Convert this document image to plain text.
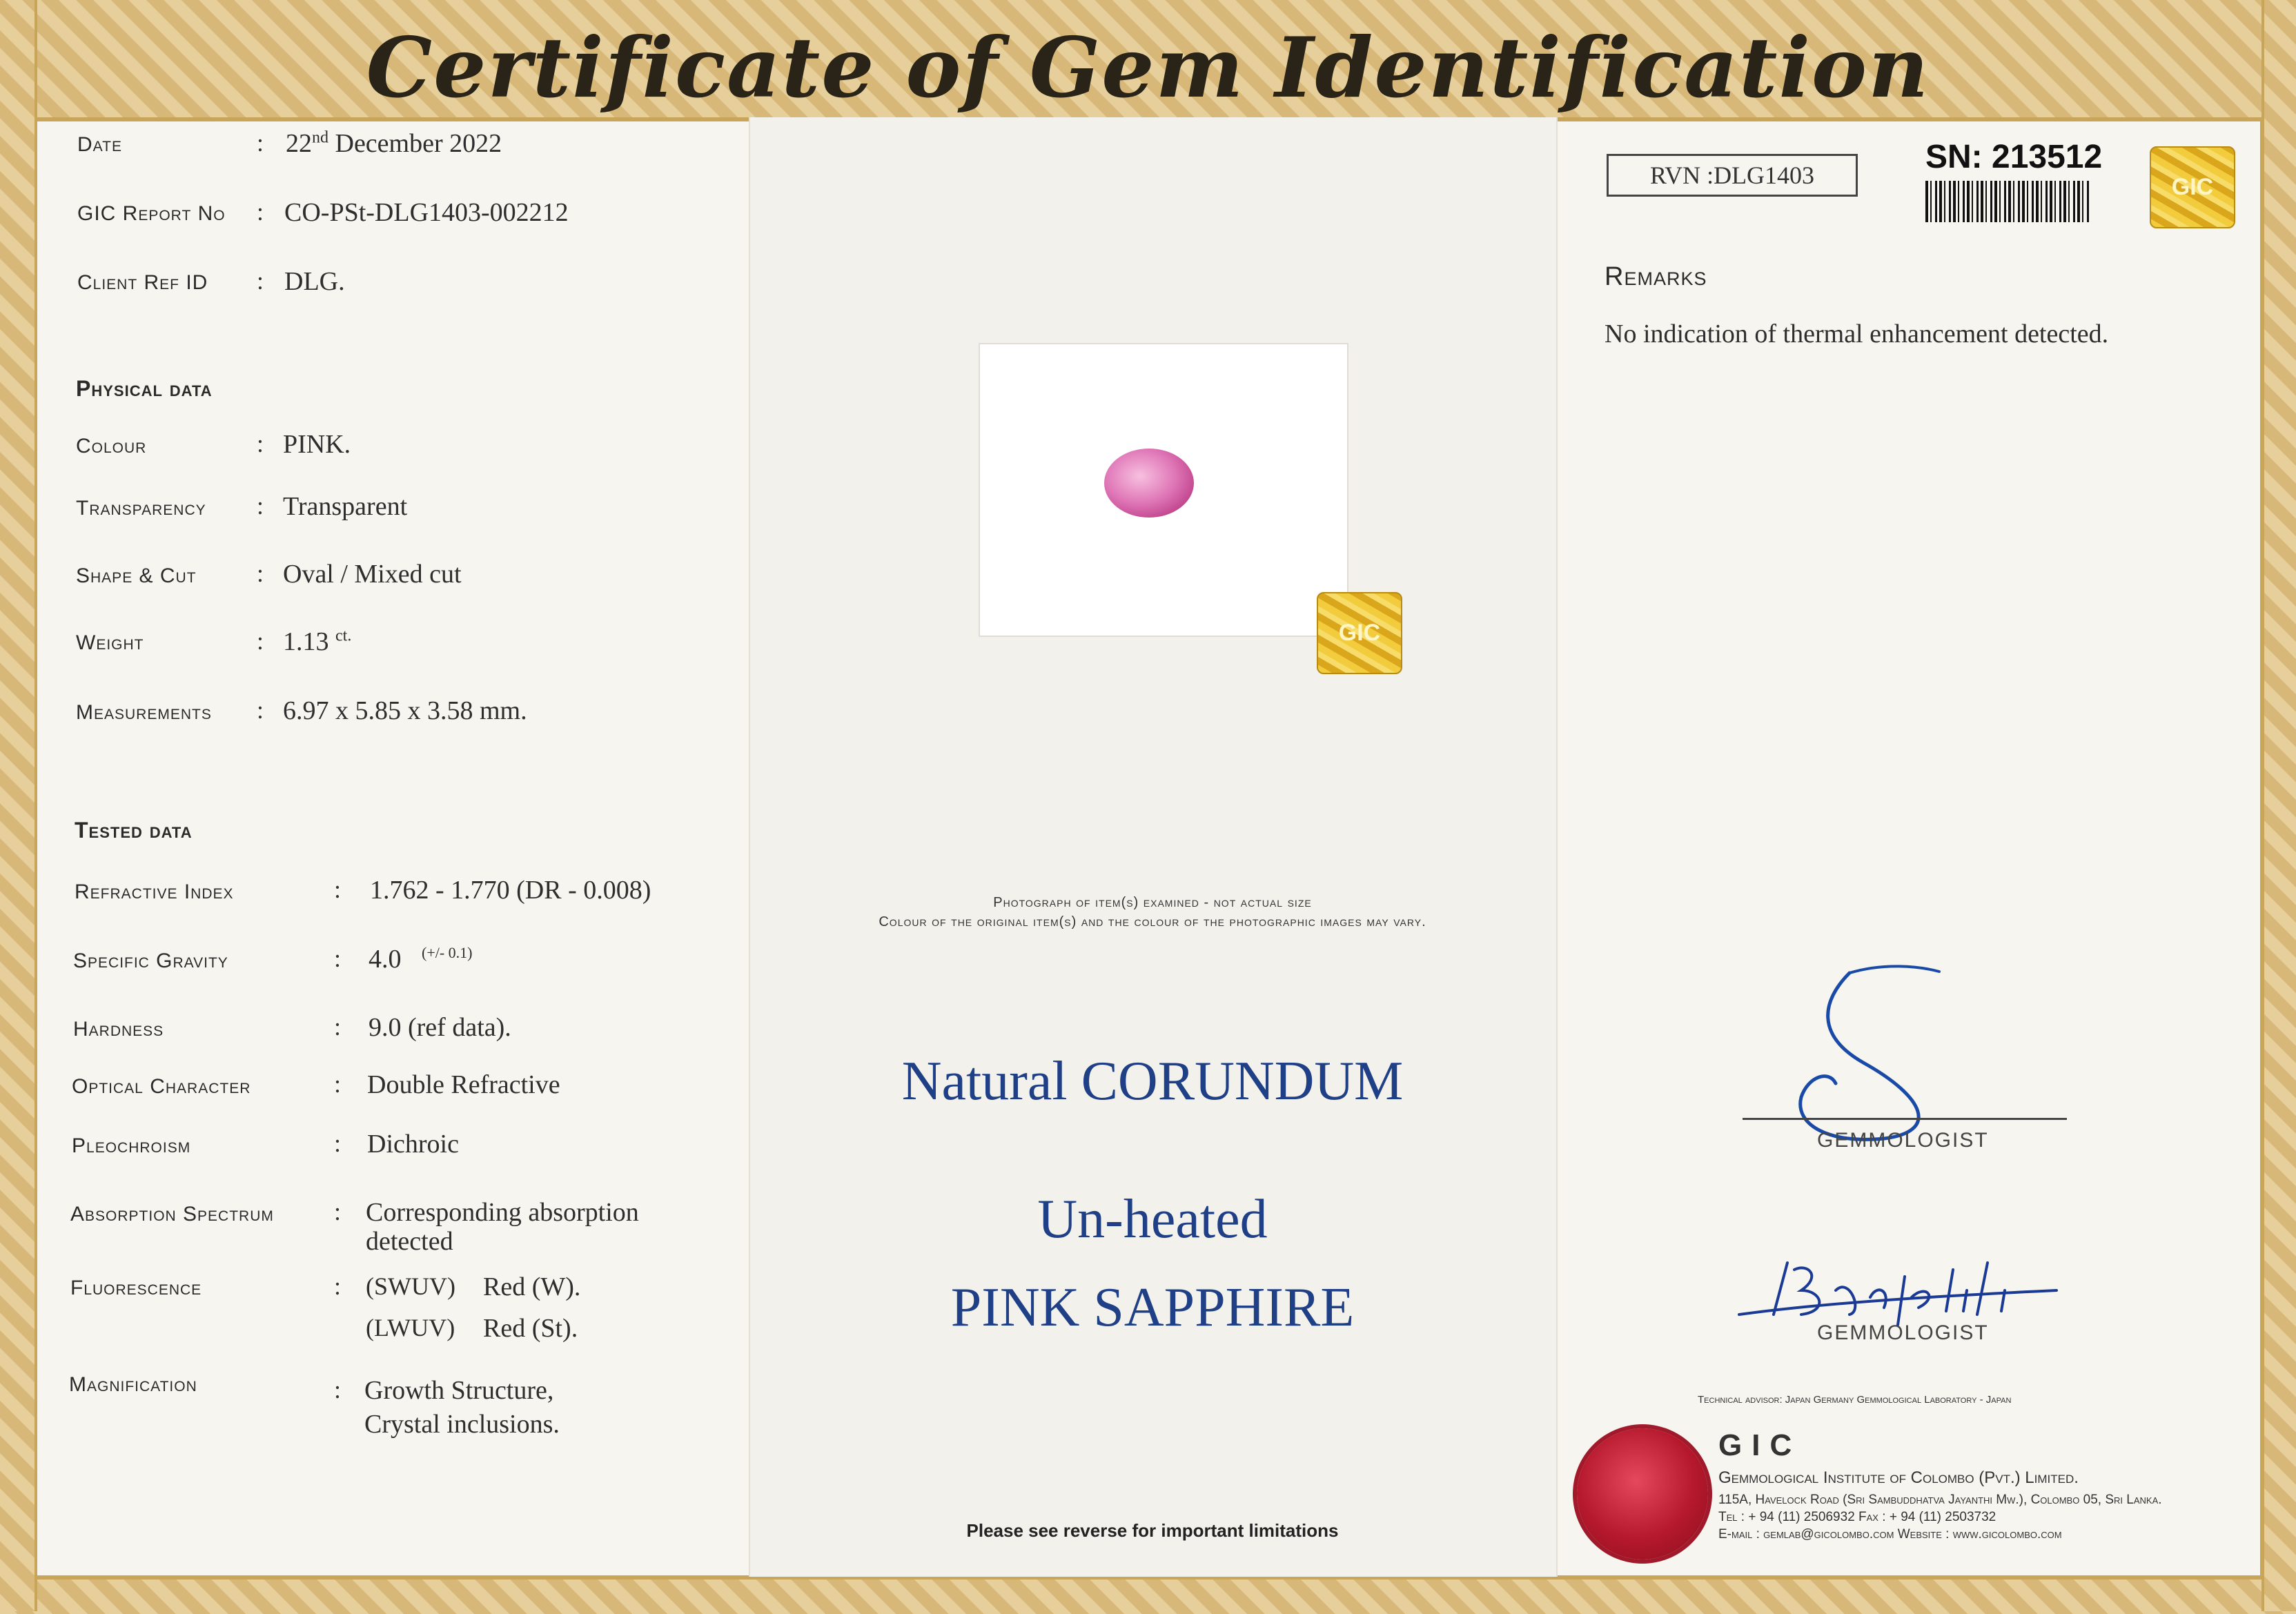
Certificate of Gem Identification
Date	: 22nd December 2022
GIC Report No : CO-PSt-DLG1403-002212
Client Ref ID : DLG.
Physical data
Colour	: PINK.
Transparency : Transparent
Shape & Cut : Oval / Mixed cut
Weight	: 1.13 $^{ct.}$
Measurements : 6.97 x 5.85 x 3.58 mm.
Tested data
Refractive Index	: 1.762 - 1.770 (DR - 0.008)
Specific Gravity	: 4.0 $^{(+/- 0.1)}$
Hardness	: 9.0 (ref data).
Optical Character	: Double Refractive
Pleochroism	: Dichroic
Absorption Spectrum : Corresponding absorption
detected
Fluorescence	: (SWUV) Red (W).
(LWUV) Red (St).
Magnification	: Growth Structure,
Crystal inclusions.
GIC
Photograph of item(s) examined - not actual size
Colour of the original item(s) and the colour of the photographic images may vary.
Natural CORUNDUM
Un-heated
PINK SAPPHIRE
Please see reverse for important limitations
RVN :DLG1403	SN: 213512
GIC
Remarks
No indication of thermal enhancement detected.
GEMMOLOGIST
GEMMOLOGIST
Technical advisor: Japan Germany Gemmological Laboratory - Japan
GIC
Gemmological Institute of Colombo (Pvt.) Limited.
115A, Havelock Road (Sri Sambuddhatva Jayanthi Mw.), Colombo 05, Sri Lanka.
Tel : + 94 (11) 2506932 Fax : + 94 (11) 2503732
E-mail : gemlab@gicolombo.com Website : www.gicolombo.com
